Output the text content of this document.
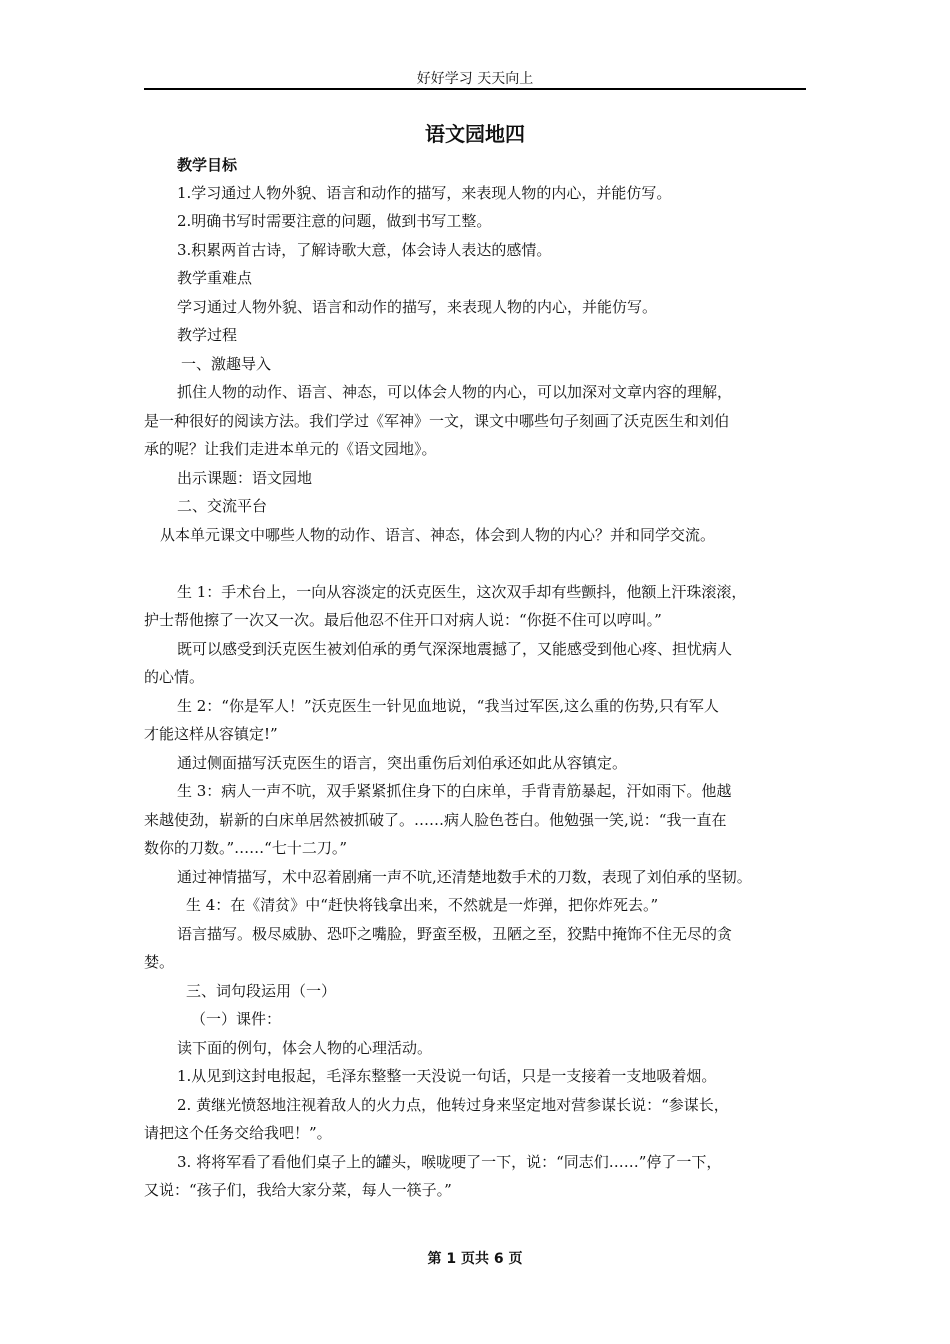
好好学习 天天向上
语文园地四
教学目标
1.学习通过人物外貌、语言和动作的描写，来表现人物的内心，并能仿写。
2.明确书写时需要注意的问题，做到书写工整。
3.积累两首古诗，了解诗歌大意，体会诗人表达的感情。
教学重难点
学习通过人物外貌、语言和动作的描写，来表现人物的内心，并能仿写。
教学过程
一、激趣导入
抓住人物的动作、语言、神态，可以体会人物的内心，可以加深对文章内容的理解，
是一种很好的阅读方法。我们学过《军神》一文，课文中哪些句子刻画了沃克医生和刘伯
承的呢？让我们走进本单元的《语文园地》。
出示课题：语文园地
二、交流平台
从本单元课文中哪些人物的动作、语言、神态，体会到人物的内心？并和同学交流。
生 1：手术台上，一向从容淡定的沃克医生，这次双手却有些颤抖，他额上汗珠滚滚，
护士帮他擦了一次又一次。最后他忍不住开口对病人说：“你挺不住可以哼叫。”
既可以感受到沃克医生被刘伯承的勇气深深地震撼了，又能感受到他心疼、担忧病人
的心情。
生 2：“你是军人！”沃克医生一针见血地说，“我当过军医,这么重的伤势,只有军人
才能这样从容镇定!”
通过侧面描写沃克医生的语言，突出重伤后刘伯承还如此从容镇定。
生 3：病人一声不吭，双手紧紧抓住身下的白床单，手背青筋暴起，汗如雨下。他越
来越使劲，崭新的白床单居然被抓破了。……病人脸色苍白。他勉强一笑,说：“我一直在
数你的刀数。”……“七十二刀。”
通过神情描写，术中忍着剧痛一声不吭,还清楚地数手术的刀数，表现了刘伯承的坚韧。
生 4：在《清贫》中“赶快将钱拿出来，不然就是一炸弹，把你炸死去。”
语言描写。极尽威胁、恐吓之嘴脸，野蛮至极，丑陋之至，狡黠中掩饰不住无尽的贪
婪。
三、词句段运用（一）
（一）课件：
读下面的例句，体会人物的心理活动。
1.从见到这封电报起，毛泽东整整一天没说一句话，只是一支接着一支地吸着烟。
2. 黄继光愤怒地注视着敌人的火力点，他转过身来坚定地对营参谋长说：“参谋长，
请把这个任务交给我吧！”。
3. 将将军看了看他们桌子上的罐头，喉咙哽了一下，说：“同志们……”停了一下，
又说：“孩子们，我给大家分菜，每人一筷子。”
第 1 页共 6 页
